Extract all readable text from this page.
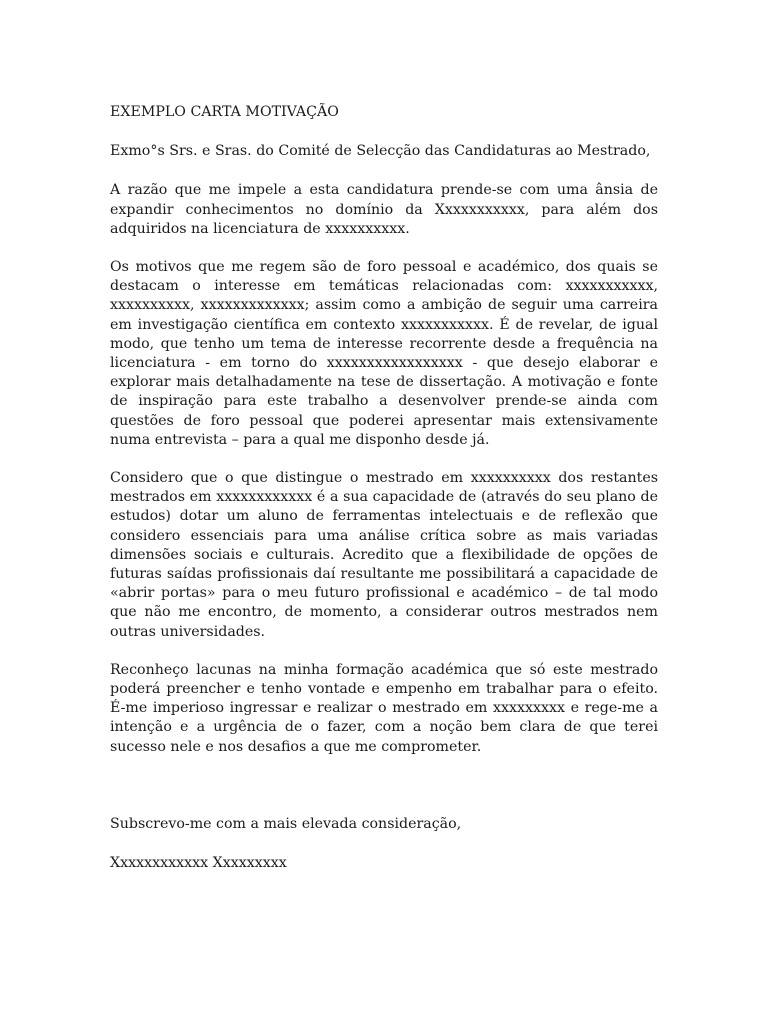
EXEMPLO CARTA MOTIVAÇÃO

Exmo°s Srs. e Sras. do Comité de Selecção das Candidaturas ao Mestrado,

A razão que me impele a esta candidatura prende-se com uma ânsia de expandir conhecimentos no domínio da Xxxxxxxxxxx, para além dos adquiridos na licenciatura de xxxxxxxxxx.

Os motivos que me regem são de foro pessoal e académico, dos quais se destacam o interesse em temáticas relacionadas com: xxxxxxxxxxx, xxxxxxxxxx, xxxxxxxxxxxxx; assim como a ambição de seguir uma carreira em investigação científica em contexto xxxxxxxxxxx. É de revelar, de igual modo, que tenho um tema de interesse recorrente desde a frequência na licenciatura - em torno do xxxxxxxxxxxxxxxxx - que desejo elaborar e explorar mais detalhadamente na tese de dissertação. A motivação e fonte de inspiração para este trabalho a desenvolver prende-se ainda com questões de foro pessoal que poderei apresentar mais extensivamente numa entrevista – para a qual me disponho desde já.

Considero que o que distingue o mestrado em xxxxxxxxxx dos restantes mestrados em xxxxxxxxxxxx é a sua capacidade de (através do seu plano de estudos) dotar um aluno de ferramentas intelectuais e de reflexão que considero essenciais para uma análise crítica sobre as mais variadas dimensões sociais e culturais. Acredito que a flexibilidade de opções de futuras saídas profissionais daí resultante me possibilitará a capacidade de «abrir portas» para o meu futuro profissional e académico – de tal modo que não me encontro, de momento, a considerar outros mestrados nem outras universidades.

Reconheço lacunas na minha formação académica que só este mestrado poderá preencher e tenho vontade e empenho em trabalhar para o efeito. É-me imperioso ingressar e realizar o mestrado em xxxxxxxxx e rege-me a intenção e a urgência de o fazer, com a noção bem clara de que terei sucesso nele e nos desafios a que me comprometer.

Subscrevo-me com a mais elevada consideração,

Xxxxxxxxxxxx Xxxxxxxxx
